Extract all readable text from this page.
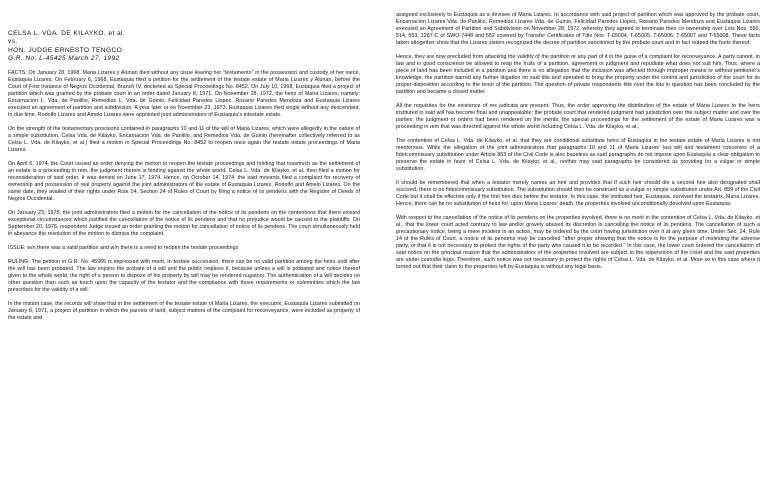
CELSA L. VDA. DE KILAYKO, et al.

vs.

HON. JUDGE ERNESTO TENGCO

G.R. No. L-45425 March 27, 1992

FACTS: On January 28, 1968, Maria Lizares y Alunan died without any issue leaving her "testamento" in the possession and custody of her niece, Eustaquia Lizares. On February 6, 1968, Eustaquia filed a petition for the settlement of the testate estate of Maria Lizares y Alunan, before the Court of First Instance of Negros Occidental, Branch IV, docketed as Special Proceedings No. 8452. On July 10, 1968, Eustaquia filed a project of partition which was granted by the probate court in an order dated January 8, 1971. On November 28, 1972, the heirs of Maria Lizares, namely: Encarnacion L. Vda. de Panlilio, Remedios L. Vda. de Guinio, Felicidad Paredes Llopez, Rosario Paredes Mendoza and Eustaquia Lizares executed an agreement of partition and subdivision. A year later or on November 23, 1973, Eustaquia Lizares died single without any descendant. In due time, Rodolfo Lizares and Amelo Lizares were appointed joint administrators of Eustaquia's intestate estate.

On the strength of the testamentary provisions contained in paragraphs 10 and 11 of the will of Maria Lizares, which were allegedly in the nature of a simple substitution, Celsa Vda. de Kilayko, Encarnacion Vda. de Panlilio, and Remedios Vda. de Guinio (hereinafter collectively referred to as Celsa L. Vda. de Kilayko, et al.) filed a motion in Special Proceedings No. 8452 to reopen once again the testate estate proceedings of Maria Lizares.

On April 6, 1974, the Court issued an order denying the motion to reopen the testate proceedings and holding that inasmuch as the settlement of an estate is a proceeding in rem, the judgment therein is binding against the whole world. Celsa L. Vda. de Kilayko, et al. then filed a motion for reconsideration of said order. It was denied on June 17, 1974. Hence, on October 14, 1974, the said movants filed a complaint for recovery of ownership and possession of real property against the joint administrators of the estate of Eustaquia Lizares, Rodolfo and Amelo Lizares. On the same date, they availed of their rights under Rule 14, Section 24 of Rules of Court by filing a notice of lis pendens with the Register of Deeds of Negros Occidental.

On January 23, 1975, the joint administrators filed a motion for the cancellation of the notice of lis pendens on the contentions that there existed exceptional circumstances which justified the cancellation of the notice of lis pendens and that no prejudice would be caused to the plaintiffs. On September 20, 1976, respondent Judge issued an order granting the motion for cancellation of notice of lis pendens. The court simultaneously held in abeyance the resolution of the motion to dismiss the complaint.

ISSUE: w/n there was a valid partition and w/n there is a need to reopen the testate proceedings

RULING: The petition in G.R. No. 45965 is impressed with merit. In testate succession, there can be no valid partition among the heirs until after the will has been probated. The law enjoins the probate of a will and the public requires it, because unless a will is probated and notice thereof given to the whole world, the right of a person to dispose of his property by will may be rendered nugatory. The authentication of a will decides no other question than such as touch upon the capacity of the testator and the compliance with those requirements or solemnities which the law prescribes for the validity of a will.

In the instant case, the records will show that in the settlement of the testate estate of Maria Lizares, the executrix, Eustaquia Lizares submitted on January 8, 1971, a project of partition in which the parcels of land, subject matters of the complaint for reconveyance, were included as property of the estate and

assigned exclusively to Eustaquia as a devisee of Maria Lizares. In accordance with said project of partition which was approved by the probate court, Encarnacion Lizares Vda. de Panlilio, Remedios Lizares Vda. de Guinio, Felicidad Paredes Llopez, Rosario Paredes Mendoza and Eustaquia Lizares executed an Agreement of Partition and Subdivision on November 28, 1972, whereby they agreed to terminate their co-ownership over Lots Nos. 550, 514, 553, 1287-C of SWO-7448 and 552 covered by Transfer Certificates of Title Nos. T-65004, T-65005, T-65006, T-65007 and T-65008. These facts taken altogether show that the Lizares sisters recognized the decree of partition sanctioned by the probate court and in fact reaped the fruits thereof.

Hence, they are now precluded from attacking the validity of the partition or any part of it in the guise of a complaint for reconveyance. A party cannot, in law and in good conscience be allowed to reap the fruits of a partition, agreement or judgment and repudiate what does not suit him. Thus, where a piece of land has been included in a partition and there is no allegation that the inclusion was affected through improper means or without petitioner's knowledge, the partition barred any further litigation on said title and operated to bring the property under the control and jurisdiction of the court for its proper disposition according to the tenor of the partition. The question of private respondents title over the lots in question has been concluded by the partition and became a closed matter.

All the requisites for the existence of res judicata are present. Thus, the order approving the distribution of the estate of Maria Lizares to the heirs instituted in said will has become final and unappealable; the probate court that rendered judgment had jurisdiction over the subject matter and over the parties; the judgment or orders had been rendered on the merits; the special proceedings for the settlement of the estate of Maria Lizares was a proceeding in rem that was directed against the whole world including Celsa L. Vda. de Kilayko, et al.,

The contention of Celsa L. Vda. de Kilayko, et al. that they are conditional substitute heirs of Eustaquia in the testate estate of Maria Lizares is not meritorious. While the allegation of the joint administrators that paragraphs 10 and 11 of Maria Lizares' last will and testament conceives of a fideicommissary substitution under Article 863 of the Civil Code is also baseless as said paragraphs do not impose upon Eustaquia a clear obligation to preserve the estate in favor of Celsa L. Vda. de Kilayko, et al., neither may said paragraphs be considered as providing for a vulgar or simple substitution.

It should be remembered that when a testator merely names an heir and provides that if such heir should die a second heir also designated shall succeed, there is no fideicommissary substitution. The substitution should then be construed as a vulgar or simple substitution under Art. 859 of the Civil Code but it shall be effective only if the first heir dies before the testator. In this case, the instituted heir, Eustaquia, survived the testatrix, Maria Lizares. Hence, there can be no substitution of heirs for, upon Maria Lizares' death, the properties involved unconditionally devolved upon Eustaquia.

With respect to the cancellation of the notice of lis pendens on the properties involved, there is no merit in the contention of Celsa L. Vda. de Kilayko, et al., that the lower court acted contrary to law and/or gravely abused its discretion in cancelling the notice of lis pendens. The cancellation of such a precautionary notice, being a mere incident in an action, may be ordered by the court having jurisdiction over it at any given time. Under Sec. 24, Rule 14 of the Rules of Court, a notice of lis pendens may be cancelled "after proper showing that the notice is for the purpose of molesting the adverse party, or that it is not necessary to protect the rights of the party who caused it to be recorded." In this case, the lower court ordered the cancellation of said notice on the principal reason that the administrators of the properties involved are subject to the supervision of the court and the said properties are under custodia legis. Therefore, such notice was not necessary to protect the rights of Celsa L. Vda. de Kilayko, et al. More so in this case where it turned out that their claim to the properties left by Eustaquia is without any legal basis.
